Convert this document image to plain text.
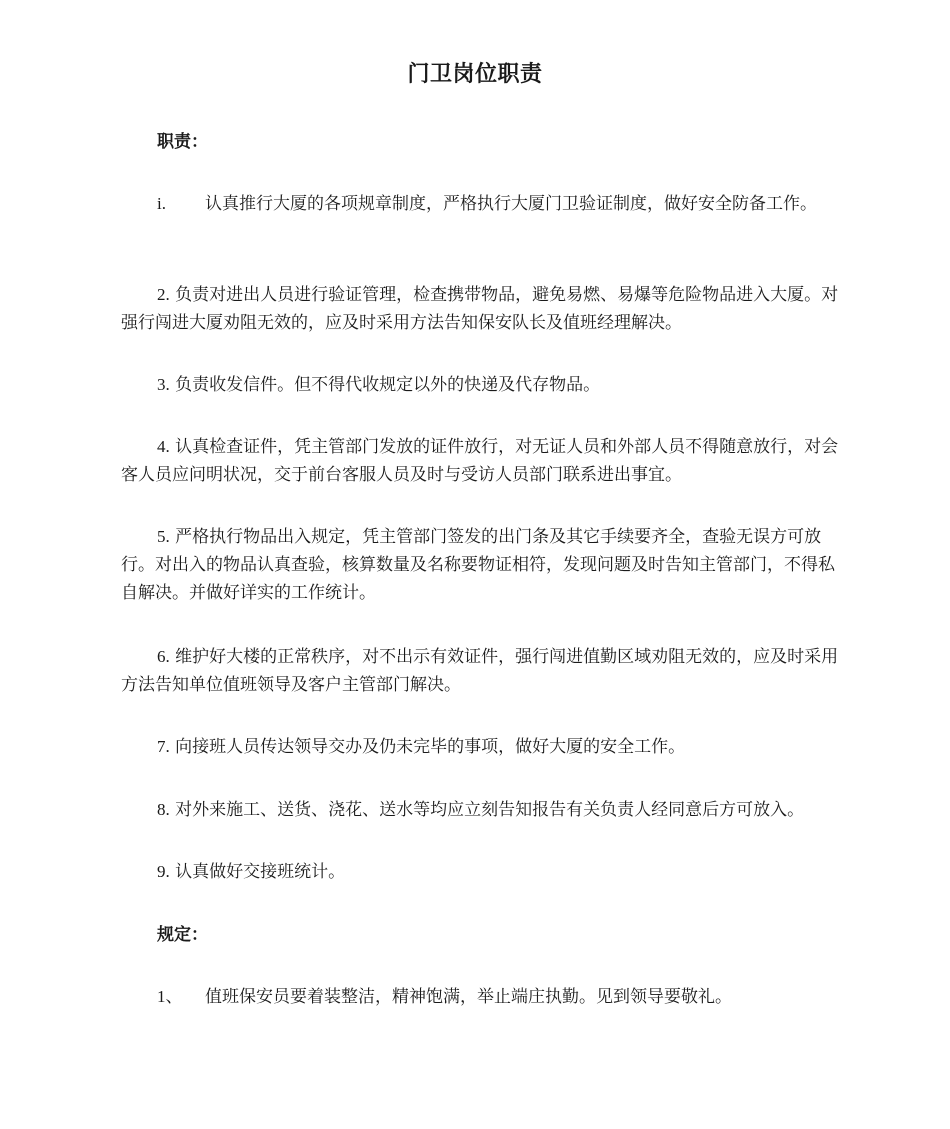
门卫岗位职责
职责：
i. 认真推行大厦的各项规章制度，严格执行大厦门卫验证制度，做好安全防备工作。
2. 负责对进出人员进行验证管理，检查携带物品，避免易燃、易爆等危险物品进入大厦。对强行闯进大厦劝阻无效的，应及时采用方法告知保安队长及值班经理解决。
3. 负责收发信件。但不得代收规定以外的快递及代存物品。
4. 认真检查证件，凭主管部门发放的证件放行，对无证人员和外部人员不得随意放行，对会客人员应问明状况，交于前台客服人员及时与受访人员部门联系进出事宜。
5. 严格执行物品出入规定，凭主管部门签发的出门条及其它手续要齐全，查验无误方可放行。对出入的物品认真查验，核算数量及名称要物证相符，发现问题及时告知主管部门，不得私自解决。并做好详实的工作统计。
6. 维护好大楼的正常秩序，对不出示有效证件，强行闯进值勤区域劝阻无效的，应及时采用方法告知单位值班领导及客户主管部门解决。
7. 向接班人员传达领导交办及仍未完毕的事项，做好大厦的安全工作。
8. 对外来施工、送货、浇花、送水等均应立刻告知报告有关负责人经同意后方可放入。
9. 认真做好交接班统计。
规定：
1、 值班保安员要着装整洁，精神饱满，举止端庄执勤。见到领导要敬礼。
